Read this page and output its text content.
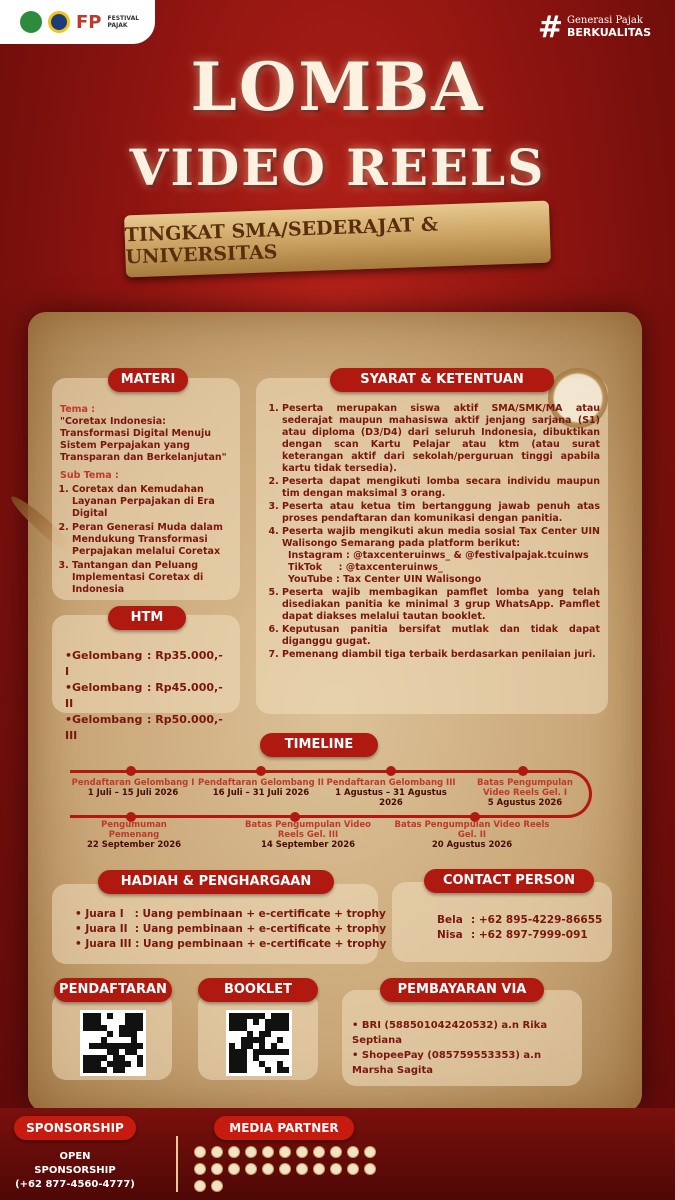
FP FESTIVAL
PAJAK	# Generasi Pajak
BERKUALITAS
LOMBA
VIDEO REELS
TINGKAT SMA/SEDERAJAT & UNIVERSITAS
MATERI
Tema :
"Coretax Indonesia: Transformasi Digital Menuju Sistem Perpajakan yang Transparan dan Berkelanjutan"
Sub Tema :
1. Coretax dan Kemudahan Layanan Perpajakan di Era Digital
2. Peran Generasi Muda dalam Mendukung Transformasi Perpajakan melalui Coretax
3. Tantangan dan Peluang Implementasi Coretax di Indonesia
HTM
•Gelombang I
: Rp35.000,-
•Gelombang II
: Rp45.000,-
•Gelombang III
: Rp50.000,-
SYARAT & KETENTUAN
1. Peserta merupakan siswa aktif SMA/SMK/MA atau sederajat maupun mahasiswa aktif jenjang sarjana (S1) atau diploma (D3/D4) dari seluruh Indonesia, dibuktikan dengan scan Kartu Pelajar atau ktm (atau surat keterangan aktif dari sekolah/perguruan tinggi apabila kartu tidak tersedia).
2. Peserta dapat mengikuti lomba secara individu maupun tim dengan maksimal 3 orang.
3. Peserta atau ketua tim bertanggung jawab penuh atas proses pendaftaran dan komunikasi dengan panitia.
4. Peserta wajib mengikuti akun media sosial Tax Center UIN Walisongo Semarang pada platform berikut:
Instagram : @taxcenteruinws_ & @festivalpajak.tcuinws
TikTok     : @taxcenteruinws_
YouTube : Tax Center UIN Walisongo
5. Peserta wajib membagikan pamflet lomba yang telah disediakan panitia ke minimal 3 grup WhatsApp. Pamflet dapat diakses melalui tautan booklet.
6. Keputusan panitia bersifat mutlak dan tidak dapat diganggu gugat.
7. Pemenang diambil tiga terbaik berdasarkan penilaian juri.
TIMELINE
Pendaftaran Gelombang I
1 Juli – 15 Juli 2026
Pendaftaran Gelombang II
16 Juli – 31 Juli 2026
Pendaftaran Gelombang III
1 Agustus – 31 Agustus 2026
Batas Pengumpulan Video Reels Gel. I
5 Agustus 2026
Batas Pengumpulan Video Reels Gel. II
20 Agustus 2026
Batas Pengumpulan Video Reels Gel. III
14 September 2026
Pengumuman Pemenang
22 September 2026
HADIAH & PENGHARGAAN
• Juara I   : Uang pembinaan + e-certificate + trophy
• Juara II  : Uang pembinaan + e-certificate + trophy
• Juara III : Uang pembinaan + e-certificate + trophy
CONTACT PERSON
Bela : +62 895-4229-86655
Nisa : +62 897-7999-091
PENDAFTARAN	BOOKLET	PEMBAYARAN VIA
• BRI (588501042420532) a.n Rika Septiana
• ShopeePay (085759553353) a.n Marsha Sagita
SPONSORSHIP
OPEN
SPONSORSHIP
(+62 877-4560-4777)
MEDIA PARTNER
